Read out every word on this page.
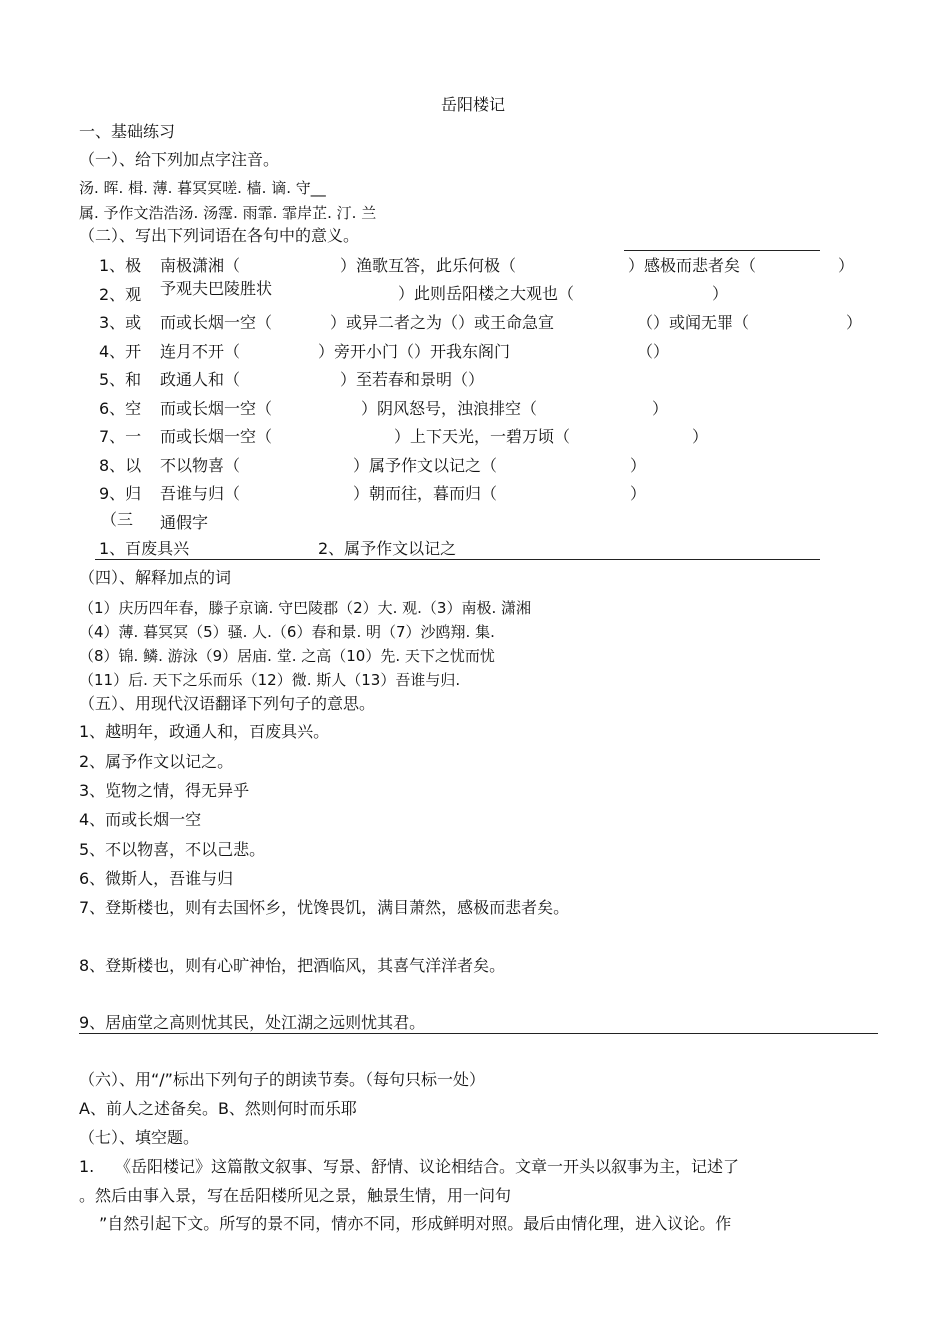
岳阳楼记
一、基础练习
（一）、给下列加点字注音。
汤. 晖. 楫. 薄. 暮冥冥嗟. 樯. 谪. 守__
属. 予作文浩浩汤. 汤霪. 雨霏. 霏岸芷. 汀. 兰
（二）、写出下列词语在各句中的意义。
1、极 南极潇湘（	）渔歌互答，此乐何极（	）感极而悲者矣（	）
2、观 予观夫巴陵胜状	）此则岳阳楼之大观也（	）
3、或 而或长烟一空（	）或异二者之为（）或王命急宣	（）或闻无罪（	）
4、开 连月不开（	）旁开小门（）开我东阁门	（）
5、和 政通人和（	）至若春和景明（）
6、空 而或长烟一空（	）阴风怒号，浊浪排空（	）
7、一 而或长烟一空（	）上下天光，一碧万顷（	）
8、以 不以物喜（	）属予作文以记之（	）
9、归 吾谁与归（	）朝而往，暮而归（	）
（三 通假字
1、百废具兴	2、属予作文以记之
（四）、解释加点的词
（1）庆历四年春，滕子京谪. 守巴陵郡（2）大. 观.（3）南极. 潇湘
（4）薄. 暮冥冥（5）骚. 人.（6）春和景. 明（7）沙鸥翔. 集.
（8）锦. 鳞. 游泳（9）居庙. 堂. 之高（10）先. 天下之忧而忧
（11）后. 天下之乐而乐（12）微. 斯人（13）吾谁与归.
（五）、用现代汉语翻译下列句子的意思。
1、越明年，政通人和，百废具兴。
2、属予作文以记之。
3、览物之情，得无异乎
4、而或长烟一空
5、不以物喜，不以己悲。
6、微斯人，吾谁与归
7、登斯楼也，则有去国怀乡，忧馋畏饥，满目萧然，感极而悲者矣。
8、登斯楼也，则有心旷神怡，把酒临风，其喜气洋洋者矣。
9、居庙堂之高则忧其民，处江湖之远则忧其君。
（六）、用“/”标出下列句子的朗读节奏。（每句只标一处）
A、前人之述备矣。B、然则何时而乐耶
（七）、填空题。
1. 《岳阳楼记》这篇散文叙事、写景、舒情、议论相结合。文章一开头以叙事为主，记述了
。然后由事入景，写在岳阳楼所见之景，触景生情，用一问句
”自然引起下文。所写的景不同，情亦不同，形成鲜明对照。最后由情化理，进入议论。作
